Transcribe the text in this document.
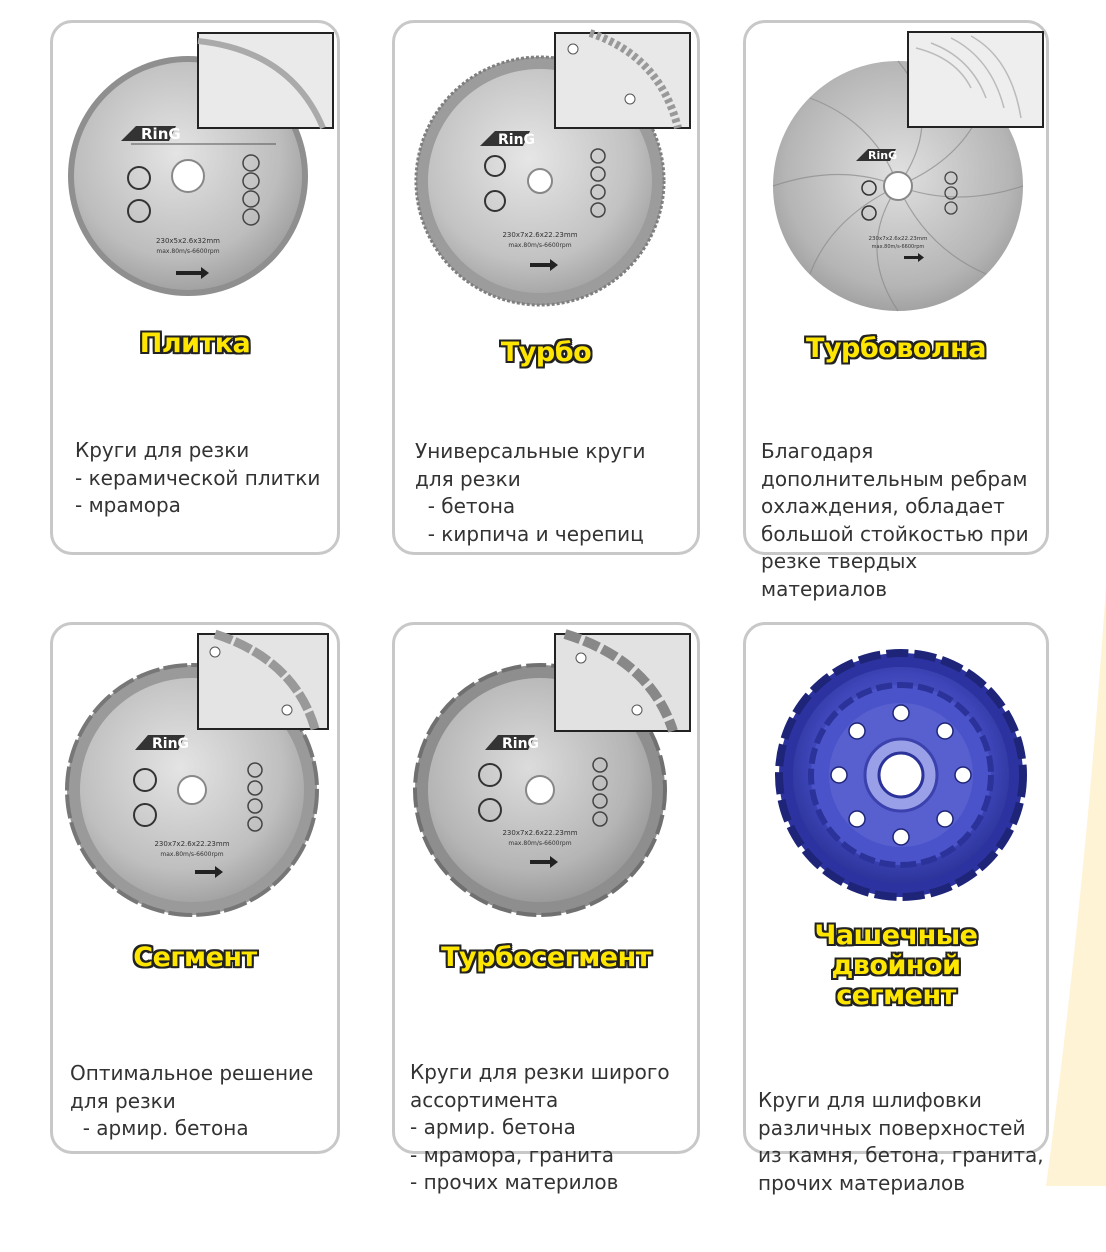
RinG
230x5x2.6x32mm
max.80m/s-6600rpm
Плитка

Круги для резки
- керамической плитки
- мрамора

RinG
230x7x2.6x22.23mm
max.80m/s-6600rpm
Турбо

Универсальные круги
для резки
- бетона
- кирпича и черепиц

RinG
230x7x2.6x22.23mm
max.80m/s-6600rpm
Турбоволна

Благодаря
дополнительным ребрам
охлаждения, обладает
большой стойкостью при
резке твердых
материалов

RinG
230x7x2.6x22.23mm
max.80m/s-6600rpm
Сегмент

Оптимальное решение
для резки
- армир. бетона

RinG
230x7x2.6x22.23mm
max.80m/s-6600rpm
Турбосегмент

Круги для резки широго
ассортимента
- армир. бетона
- мрамора, гранита
- прочих материлов

Чашечные
двойной
сегмент

Круги для шлифовки
различных поверхностей
из камня, бетона, гранита,
прочих материалов
